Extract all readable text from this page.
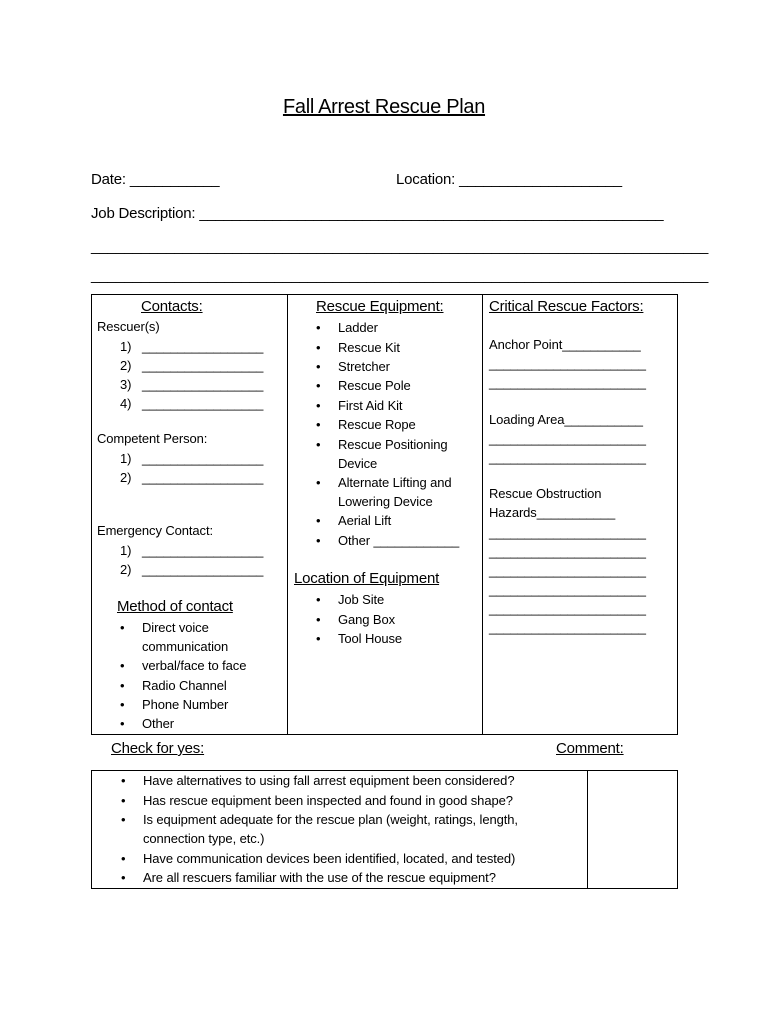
Fall Arrest Rescue Plan
Date: ___________	Location: ____________________
Job Description: _________________________________________________________
__________________________________________________________________________
__________________________________________________________________________
Contacts:
Rescuer(s)
1) _________________
2) _________________
3) _________________
4) _________________
Competent Person:
1) _________________
2) _________________
Emergency Contact:
1) _________________
2) _________________
Method of contact
• Direct voice
communication
• verbal/face to face
• Radio Channel
• Phone Number
• Other
Rescue Equipment:
• Ladder
• Rescue Kit
• Stretcher
• Rescue Pole
• First Aid Kit
• Rescue Rope
• Rescue Positioning
Device
• Alternate Lifting and
Lowering Device
• Aerial Lift
• Other ____________
Location of Equipment
• Job Site
• Gang Box
• Tool House
Critical Rescue Factors:
Anchor Point___________
______________________
______________________
Loading Area___________
______________________
______________________
Rescue Obstruction
Hazards___________
______________________
______________________
______________________
______________________
______________________
______________________
Check for yes:	Comment:
• Have alternatives to using fall arrest equipment been considered?
• Has rescue equipment been inspected and found in good shape?
• Is equipment adequate for the rescue plan (weight, ratings, length,
connection type, etc.)
• Have communication devices been identified, located, and tested)
• Are all rescuers familiar with the use of the rescue equipment?
